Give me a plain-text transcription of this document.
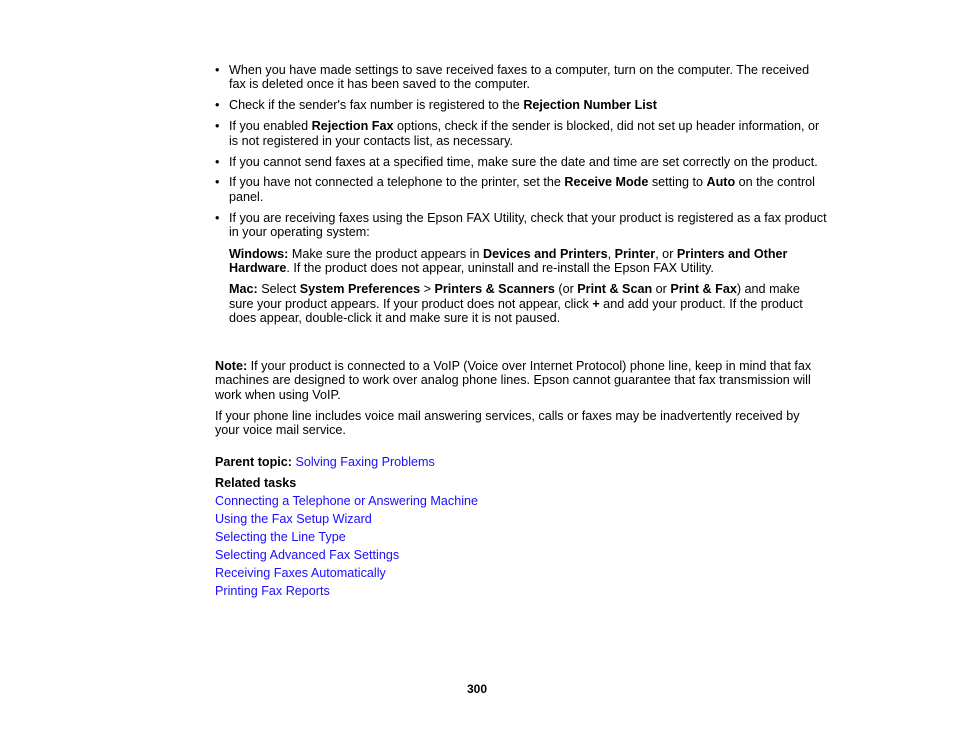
• When you have made settings to save received faxes to a computer, turn on the computer. The received fax is deleted once it has been saved to the computer.
• Check if the sender's fax number is registered to the Rejection Number List
• If you enabled Rejection Fax options, check if the sender is blocked, did not set up header information, or is not registered in your contacts list, as necessary.
• If you cannot send faxes at a specified time, make sure the date and time are set correctly on the product.
• If you have not connected a telephone to the printer, set the Receive Mode setting to Auto on the control panel.
• If you are receiving faxes using the Epson FAX Utility, check that your product is registered as a fax product in your operating system:
Windows: Make sure the product appears in Devices and Printers, Printer, or Printers and Other Hardware. If the product does not appear, uninstall and re-install the Epson FAX Utility.
Mac: Select System Preferences > Printers & Scanners (or Print & Scan or Print & Fax) and make sure your product appears. If your product does not appear, click + and add your product. If the product does appear, double-click it and make sure it is not paused.

Note: If your product is connected to a VoIP (Voice over Internet Protocol) phone line, keep in mind that fax machines are designed to work over analog phone lines. Epson cannot guarantee that fax transmission will work when using VoIP.

If your phone line includes voice mail answering services, calls or faxes may be inadvertently received by your voice mail service.

Parent topic: Solving Faxing Problems
Related tasks
Connecting a Telephone or Answering Machine
Using the Fax Setup Wizard
Selecting the Line Type
Selecting Advanced Fax Settings
Receiving Faxes Automatically
Printing Fax Reports
300
